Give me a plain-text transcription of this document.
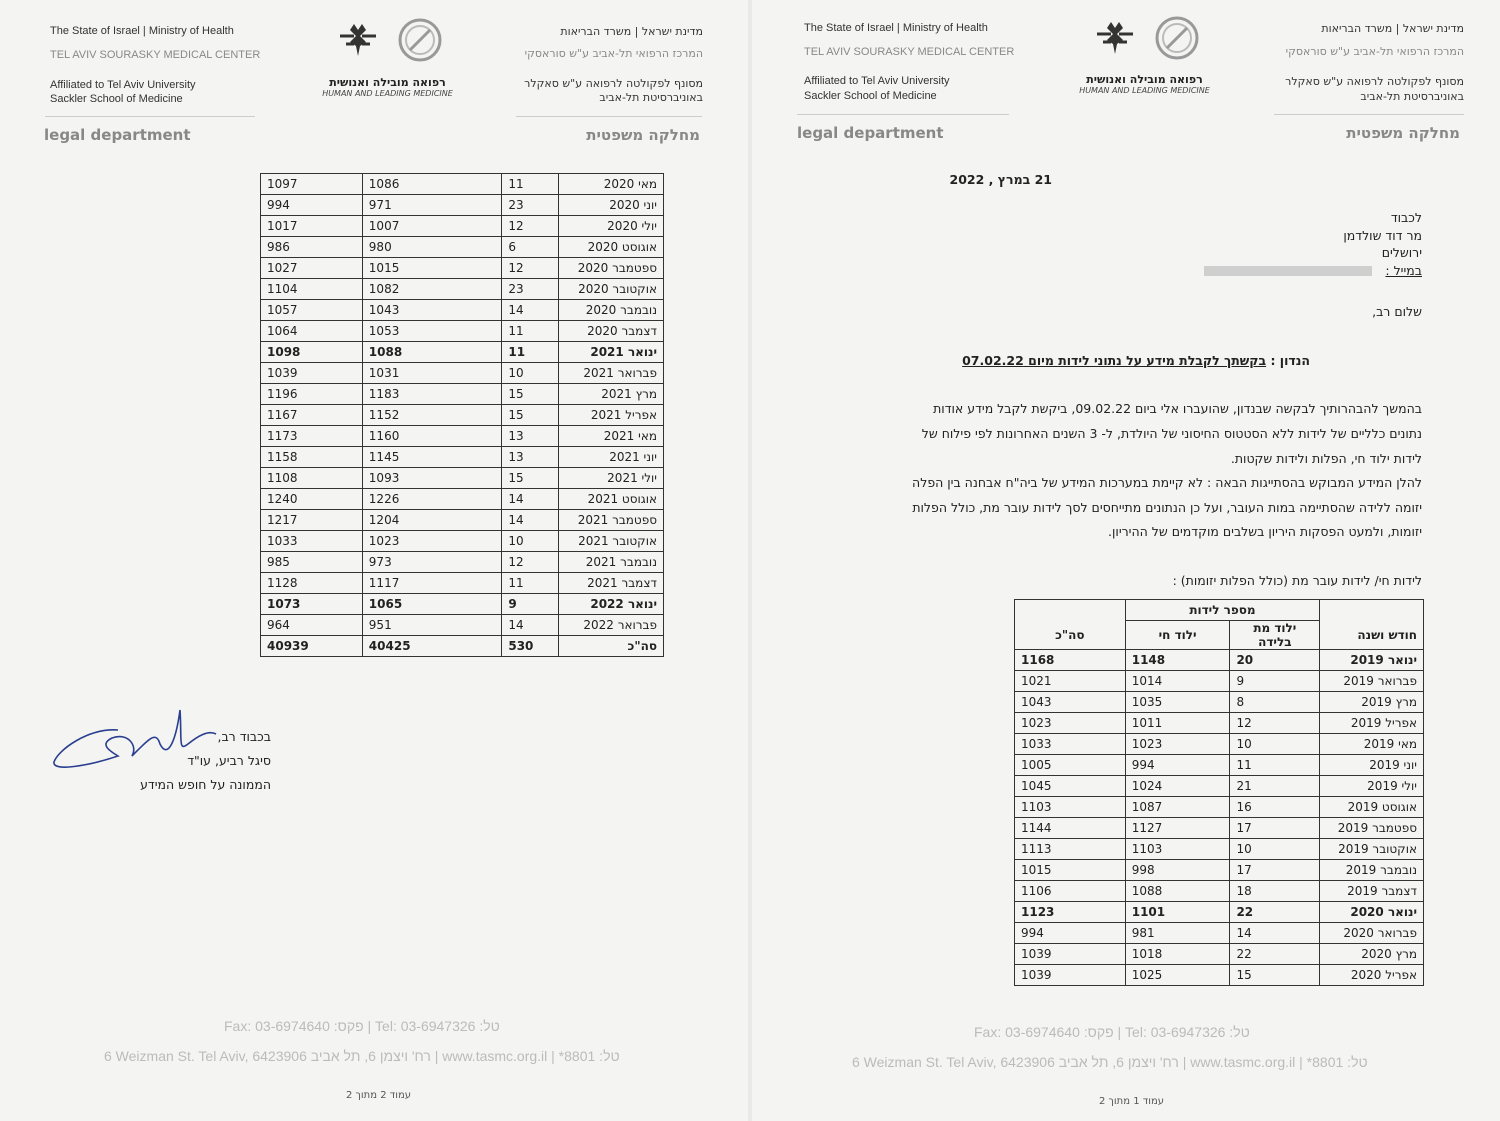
The State of Israel | Ministry of Health
TEL AVIV SOURASKY MEDICAL CENTER
Affiliated to Tel Aviv University
Sackler School of Medicine
רפואה מובילה ואנושית
HUMAN AND LEADING MEDICINE
מדינת ישראל | משרד הבריאות
המרכז הרפואי תל-אביב ע"ש סוראסקי
מסונף לפקולטה לרפואה ע"ש סאקלר
באוניברסיטת תל-אביב
legal department	מחלקה משפטית
מאי 2020	11	1086	1097
יוני 2020	23	971	994
יולי 2020	12	1007	1017
אוגוסט 2020	6	980	986
ספטמבר 2020	12	1015	1027
אוקטובר 2020	23	1082	1104
נובמבר 2020	14	1043	1057
דצמבר 2020	11	1053	1064
ינואר 2021	11	1088	1098
פברואר 2021	10	1031	1039
מרץ 2021	15	1183	1196
אפריל 2021	15	1152	1167
מאי 2021	13	1160	1173
יוני 2021	13	1145	1158
יולי 2021	15	1093	1108
אוגוסט 2021	14	1226	1240
ספטמבר 2021	14	1204	1217
אוקטובר 2021	10	1023	1033
נובמבר 2021	12	973	985
דצמבר 2021	11	1117	1128
ינואר 2022	9	1065	1073
פברואר 2022	14	951	964
סה"כ	530	40425	40939
בכבוד רב,
סיגל רביע, עו"ד
הממונה על חופש המידע
Fax: 03-6974640 :פקס | Tel: 03-6947326 :טל
6 Weizman St. Tel Aviv, 6423906 רח' ויצמן 6, תל אביב | www.tasmc.org.il | *8801 :טל
עמוד 2 מתוך 2
The State of Israel | Ministry of Health
TEL AVIV SOURASKY MEDICAL CENTER
Affiliated to Tel Aviv University
Sackler School of Medicine
רפואה מובילה ואנושית
HUMAN AND LEADING MEDICINE
מדינת ישראל | משרד הבריאות
המרכז הרפואי תל-אביב ע"ש סוראסקי
מסונף לפקולטה לרפואה ע"ש סאקלר
באוניברסיטת תל-אביב
legal department	מחלקה משפטית
21 במרץ , 2022
לכבוד
מר דוד שולדמן
ירושלים
במייל :
שלום רב,
הנדון : בקשתך לקבלת מידע על נתוני לידות מיום 07.02.22
בהמשך להבהרותיך לבקשה שבנדון, שהועברו אלי ביום 09.02.22, ביקשת לקבל מידע אודות
נתונים כלליים של לידות ללא הסטטוס החיסוני של היולדת, ל- 3 השנים האחרונות לפי פילוח של
לידות ילוד חי, הפלות ולידות שקטות.
להלן המידע המבוקש בהסתייגות הבאה : לא קיימת במערכות המידע של ביה"ח אבחנה בין הפלה
יזומה ללידה שהסתיימה במות העובר, ועל כן הנתונים מתייחסים לסך לידות עובר מת, כולל הפלות
יזומות, ולמעט הפסקות היריון בשלבים מוקדמים של ההיריון.
לידות חי/ לידות עובר מת (כולל הפלות יזומות) :
	מספר לידות		
חודש ושנה	ילוד מת בלידה	ילוד חי	סה"כ
ינואר 2019	20	1148	1168
פברואר 2019	9	1014	1021
מרץ 2019	8	1035	1043
אפריל 2019	12	1011	1023
מאי 2019	10	1023	1033
יוני 2019	11	994	1005
יולי 2019	21	1024	1045
אוגוסט 2019	16	1087	1103
ספטמבר 2019	17	1127	1144
אוקטובר 2019	10	1103	1113
נובמבר 2019	17	998	1015
דצמבר 2019	18	1088	1106
ינואר 2020	22	1101	1123
פברואר 2020	14	981	994
מרץ 2020	22	1018	1039
אפריל 2020	15	1025	1039
Fax: 03-6974640 :פקס | Tel: 03-6947326 :טל
6 Weizman St. Tel Aviv, 6423906 רח' ויצמן 6, תל אביב | www.tasmc.org.il | *8801 :טל
עמוד 1 מתוך 2
